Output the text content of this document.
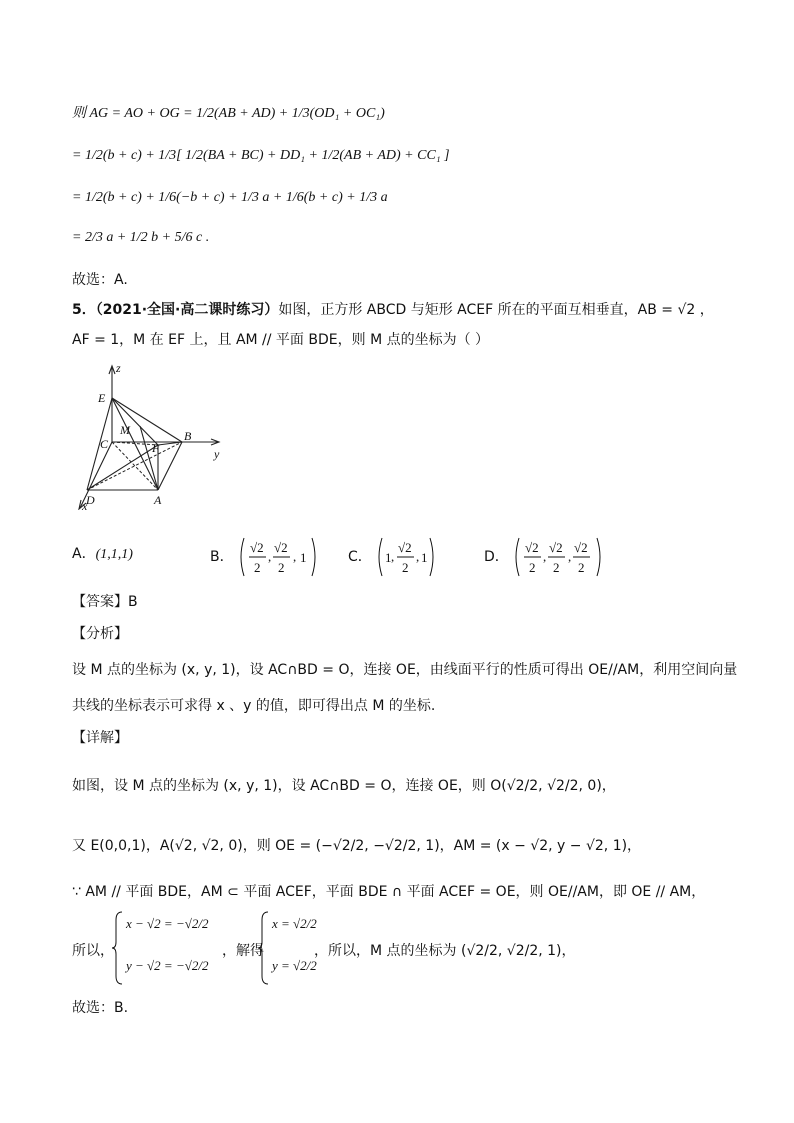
则 AG = AO + OG = 1/2(AB + AD) + 1/3(OD₁ + OC₁)
= 1/2(b + c) + 1/3[ 1/2(BA + BC) + DD₁ + 1/2(AB + AD) + CC₁ ]
= 1/2(b + c) + 1/6(−b + c) + 1/3 a + 1/6(b + c) + 1/3 a
= 2/3 a + 1/2 b + 5/6 c .
故选：A.
5．（2021·全国·高二课时练习）如图，正方形 ABCD 与矩形 ACEF 所在的平面互相垂直，AB = √2 ，
AF = 1，M 在 EF 上，且 AM // 平面 BDE，则 M 点的坐标为（ ）
z
E
M
C	F
B
y
D	A
x
A．(1,1,1)	B．
√2
2
,
√2
2
, 1	C． 1 ,
√2
2
, 1	D．
√2
2
,
√2
2
,
√2
2
【答案】B
【分析】
设 M 点的坐标为 (x, y, 1)，设 AC∩BD = O，连接 OE，由线面平行的性质可得出 OE//AM，利用空间向量
共线的坐标表示可求得 x 、y 的值，即可得出点 M 的坐标.
【详解】
如图，设 M 点的坐标为 (x, y, 1)，设 AC∩BD = O，连接 OE，则 O(√2/2, √2/2, 0)，
又 E(0,0,1)，A(√2, √2, 0)，则 OE = (−√2/2, −√2/2, 1)，AM = (x − √2, y − √2, 1)，
∵ AM // 平面 BDE，AM ⊂ 平面 ACEF，平面 BDE ∩ 平面 ACEF = OE，则 OE//AM，即 OE // AM，
所以，
x − √2 = −√2/2
y − √2 = −√2/2
，解得
x = √2/2
y = √2/2
，所以，M 点的坐标为 (√2/2, √2/2, 1)，
故选：B.
